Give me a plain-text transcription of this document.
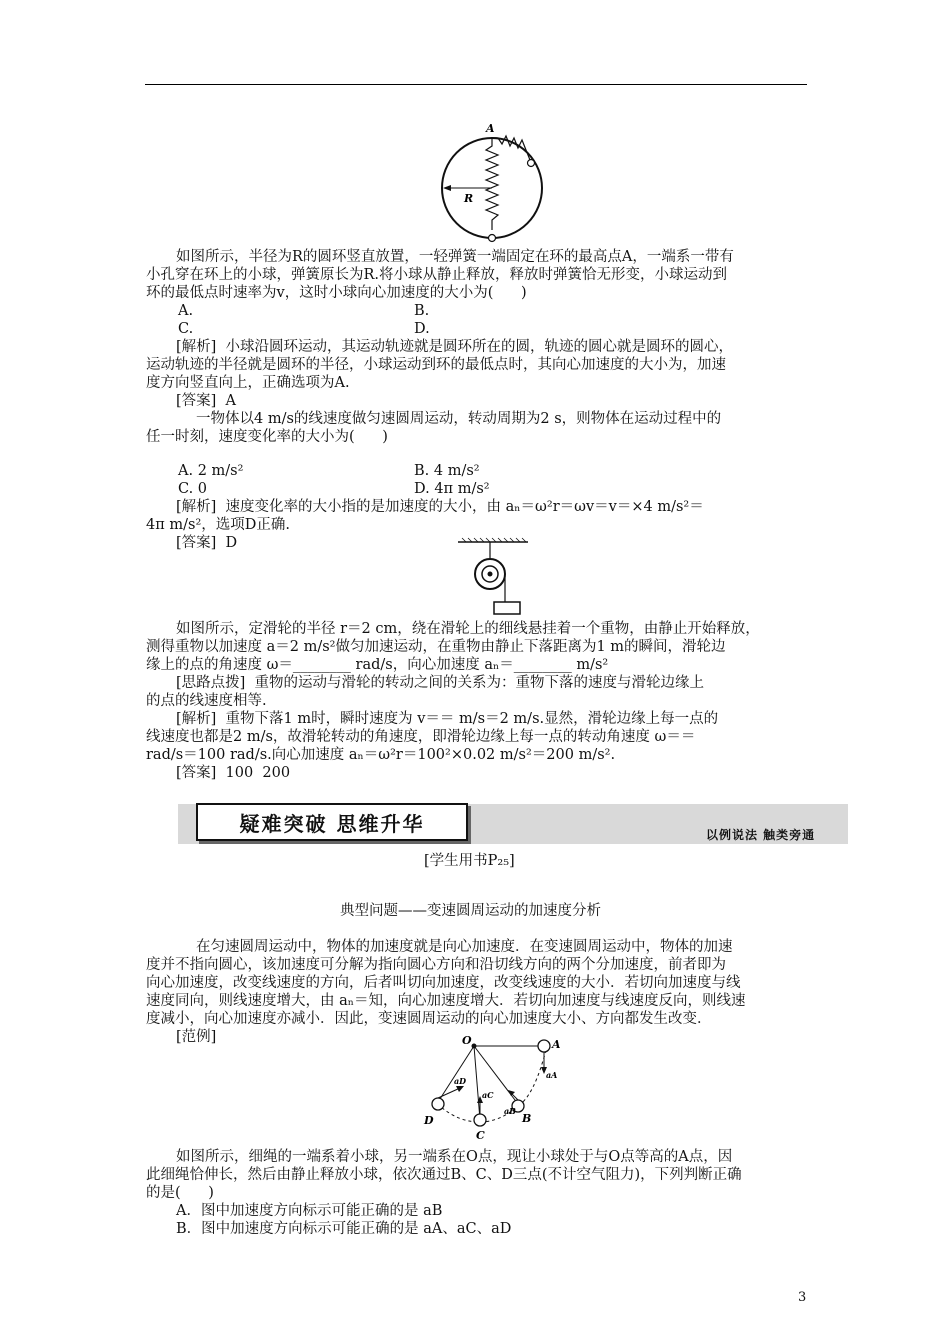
A
R
如图所示，半径为R的圆环竖直放置，一轻弹簧一端固定在环的最高点A，一端系一带有
小孔穿在环上的小球，弹簧原长为R.将小球从静止释放，释放时弹簧恰无形变，小球运动到
环的最低点时速率为v，这时小球向心加速度的大小为(      )
A.	B.
C.	D.
[解析]  小球沿圆环运动，其运动轨迹就是圆环所在的圆，轨迹的圆心就是圆环的圆心，
运动轨迹的半径就是圆环的半径，小球运动到环的最低点时，其向心加速度的大小为，加速
度方向竖直向上，正确选项为A.
[答案]  A
一物体以4 m/s的线速度做匀速圆周运动，转动周期为2 s，则物体在运动过程中的
任一时刻，速度变化率的大小为(      )
A. 2 m/s²	B. 4 m/s²
C. 0	D. 4π m/s²
[解析]  速度变化率的大小指的是加速度的大小，由 aₙ＝ω²r＝ωv＝v＝×4 m/s²＝
4π m/s²，选项D正确.
[答案]  D
如图所示，定滑轮的半径 r＝2 cm，绕在滑轮上的细线悬挂着一个重物，由静止开始释放，
测得重物以加速度 a＝2 m/s²做匀加速运动，在重物由静止下落距离为1 m的瞬间，滑轮边
缘上的点的角速度 ω＝________ rad/s，向心加速度 aₙ＝________ m/s²
[思路点拨]  重物的运动与滑轮的转动之间的关系为：重物下落的速度与滑轮边缘上
的点的线速度相等.
[解析]  重物下落1 m时，瞬时速度为 v＝＝ m/s＝2 m/s.显然，滑轮边缘上每一点的
线速度也都是2 m/s，故滑轮转动的角速度，即滑轮边缘上每一点的转动角速度 ω＝＝
rad/s＝100 rad/s.向心加速度 aₙ＝ω²r＝100²×0.02 m/s²＝200 m/s².
[答案]  100  200
疑难突破 思维升华	以例说法 触类旁通
[学生用书P₂₅]
典型问题——变速圆周运动的加速度分析
在匀速圆周运动中，物体的加速度就是向心加速度．在变速圆周运动中，物体的加速
度并不指向圆心，该加速度可分解为指向圆心方向和沿切线方向的两个分加速度，前者即为
向心加速度，改变线速度的方向，后者叫切向加速度，改变线速度的大小．若切向加速度与线
速度同向，则线速度增大，由 aₙ＝知，向心加速度增大．若切向加速度与线速度反向，则线速
度减小，向心加速度亦减小．因此，变速圆周运动的向心加速度大小、方向都发生改变．
[范例]	O	A
B
C
D
aA
aB
aC
aD
如图所示，细绳的一端系着小球，另一端系在O点，现让小球处于与O点等高的A点，因
此细绳恰伸长，然后由静止释放小球，依次通过B、C、D三点(不计空气阻力)，下列判断正确
的是(      )
A．图中加速度方向标示可能正确的是 aB
B．图中加速度方向标示可能正确的是 aA、aC、aD
3
